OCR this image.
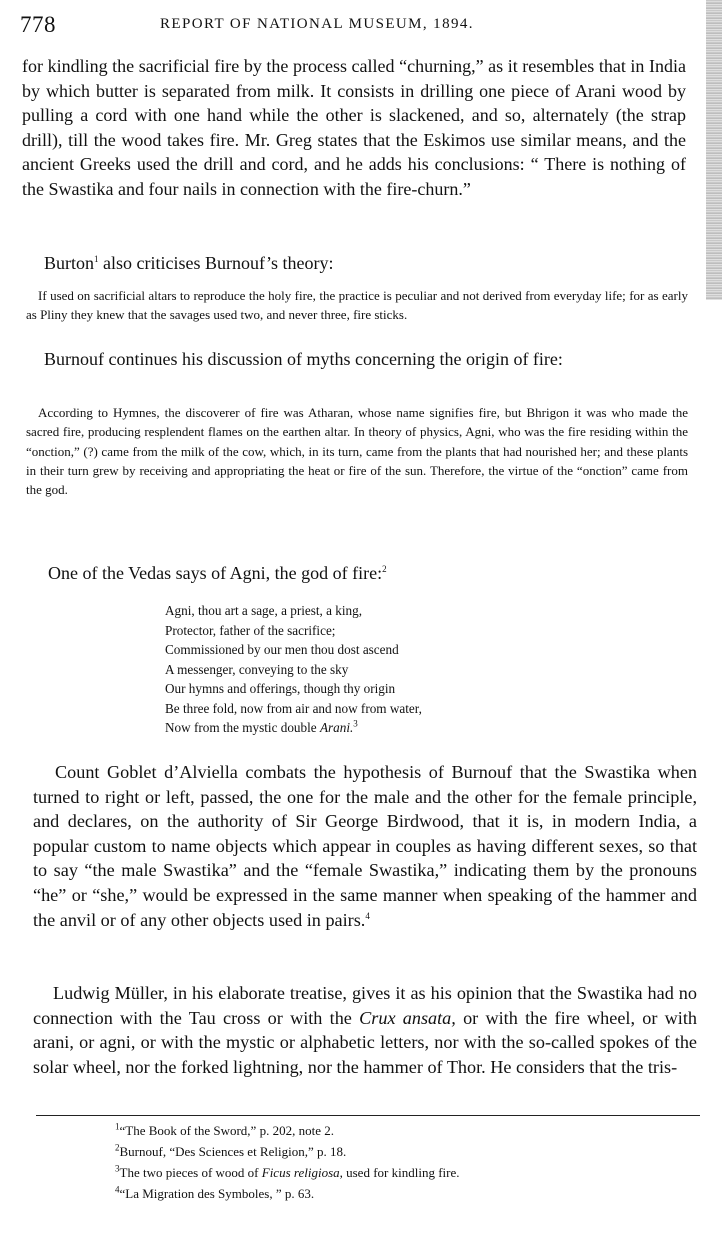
778	REPORT OF NATIONAL MUSEUM, 1894.

for kindling the sacrificial fire by the process called “churning,” as it resembles that in India by which butter is separated from milk. It consists in drilling one piece of Arani wood by pulling a cord with one hand while the other is slackened, and so, alternately (the strap drill), till the wood takes fire. Mr. Greg states that the Eskimos use similar means, and the ancient Greeks used the drill and cord, and he adds his conclusions: “ There is nothing of the Swastika and four nails in connection with the fire-churn.”

Burton$^1$ also criticises Burnouf’s theory:

If used on sacrificial altars to reproduce the holy fire, the practice is peculiar and not derived from everyday life; for as early as Pliny they knew that the savages used two, and never three, fire sticks.

Burnouf continues his discussion of myths concerning the origin of fire:

According to Hymnes, the discoverer of fire was Atharan, whose name signifies fire, but Bhrigon it was who made the sacred fire, producing resplendent flames on the earthen altar. In theory of physics, Agni, who was the fire residing within the “onction,” (?) came from the milk of the cow, which, in its turn, came from the plants that had nourished her; and these plants in their turn grew by receiving and appropriating the heat or fire of the sun. Therefore, the virtue of the “onction” came from the god.

One of the Vedas says of Agni, the god of fire:$^2$

Agni, thou art a sage, a priest, a king,
Protector, father of the sacrifice;
Commissioned by our men thou dost ascend
A messenger, conveying to the sky
Our hymns and offerings, though thy origin
Be three fold, now from air and now from water,
Now from the mystic double Arani.$^3$

Count Goblet d’Alviella combats the hypothesis of Burnouf that the Swastika when turned to right or left, passed, the one for the male and the other for the female principle, and declares, on the authority of Sir George Birdwood, that it is, in modern India, a popular custom to name objects which appear in couples as having different sexes, so that to say “the male Swastika” and the “female Swastika,” indicating them by the pronouns “he” or “she,” would be expressed in the same manner when speaking of the hammer and the anvil or of any other objects used in pairs.$^4$

Ludwig Müller, in his elaborate treatise, gives it as his opinion that the Swastika had no connection with the Tau cross or with the Crux ansata, or with the fire wheel, or with arani, or agni, or with the mystic or alphabetic letters, nor with the so-called spokes of the solar wheel, nor the forked lightning, nor the hammer of Thor. He considers that the tris-

$^1$“The Book of the Sword,” p. 202, note 2.
$^2$Burnouf, “Des Sciences et Religion,” p. 18.
$^3$The two pieces of wood of Ficus religiosa, used for kindling fire.
$^4$“La Migration des Symboles, ” p. 63.
